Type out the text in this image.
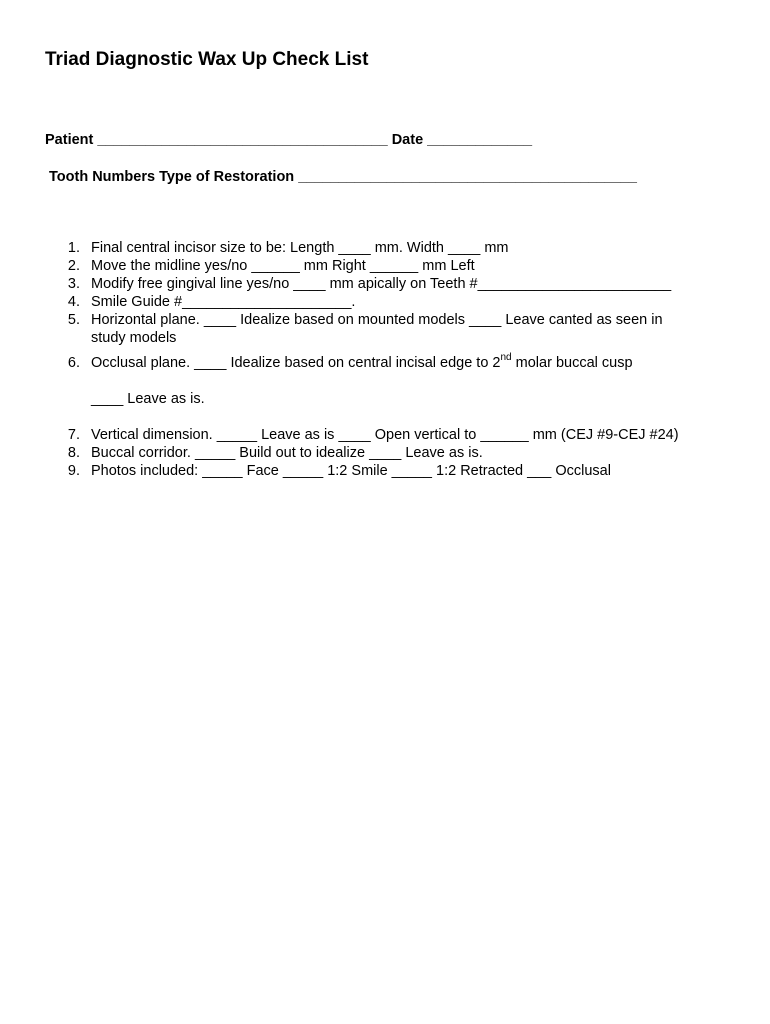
Triad Diagnostic Wax Up Check List
Patient ____________________________________ Date _____________
Tooth Numbers Type of Restoration __________________________________________
1. Final central incisor size to be: Length ____ mm. Width ____ mm
2. Move the midline yes/no ______ mm Right ______ mm Left
3. Modify free gingival line yes/no ____ mm apically on Teeth #________________________
4. Smile Guide #_____________________.
5. Horizontal plane. ____ Idealize based on mounted models ____ Leave canted as seen in
study models
6. Occlusal plane. ____ Idealize based on central incisal edge to 2nd molar buccal cusp
____ Leave as is.
7. Vertical dimension. _____ Leave as is ____ Open vertical to ______ mm (CEJ #9-CEJ #24)
8. Buccal corridor. _____ Build out to idealize ____ Leave as is.
9. Photos included: _____ Face _____ 1:2 Smile _____ 1:2 Retracted ___ Occlusal
